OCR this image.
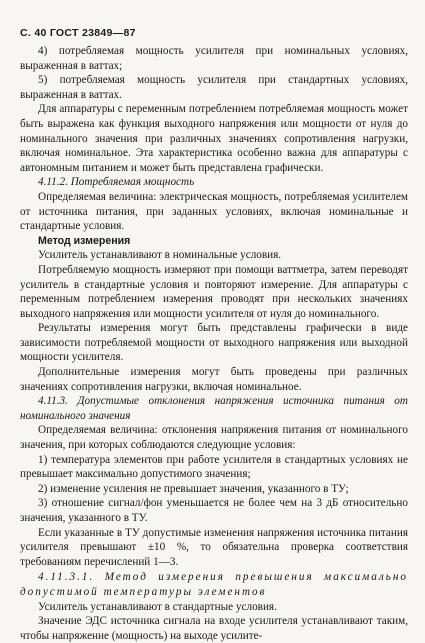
С. 40 ГОСТ 23849—87

4) потребляемая мощность усилителя при номинальных условиях, выраженная в ваттах;

5) потребляемая мощность усилителя при стандартных условиях, выраженная в ваттах.

Для аппаратуры с переменным потреблением потребляемая мощность может быть выражена как функция выходного напряжения или мощности от нуля до номинального значения при различных значениях сопротивления нагрузки, включая номинальное. Эта характеристика особенно важна для аппаратуры с автономным питанием и может быть представлена графически.

4.11.2. Потребляемая мощность

Определяемая величина: электрическая мощность, потребляемая усилителем от источника питания, при заданных условиях, включая номинальные и стандартные условия.

Метод измерения

Усилитель устанавливают в номинальные условия.

Потребляемую мощность измеряют при помощи ваттметра, затем переводят усилитель в стандартные условия и повторяют измерение. Для аппаратуры с переменным потреблением измерения проводят при нескольких значениях выходного напряжения или мощности усилителя от нуля до номинального.

Результаты измерения могут быть представлены графически в виде зависимости потребляемой мощности от выходного напряжения или выходной мощности усилителя.

Дополнительные измерения могут быть проведены при различных значениях сопротивления нагрузки, включая номинальное.

4.11.3. Допустимые отклонения напряжения источника питания от номинального значения

Определяемая величина: отклонения напряжения питания от номинального значения, при которых соблюдаются следующие условия:

1) температура элементов при работе усилителя в стандартных условиях не превышает максимально допустимого значения;

2) изменение усиления не превышает значения, указанного в ТУ;

3) отношение сигнал/фон уменьшается не более чем на 3 дБ относительно значения, указанного в ТУ.

Если указанные в ТУ допустимые изменения напряжения источника питания усилителя превышают ±10 %, то обязательна проверка соответствия требованиям перечислений 1—3.

4.11.3.1. Метод измерения превышения максимально допустимой температуры элементов

Усилитель устанавливают в стандартные условия.

Значение ЭДС источника сигнала на входе усилителя устанавливают таким, чтобы напряжение (мощность) на выходе усилите-
